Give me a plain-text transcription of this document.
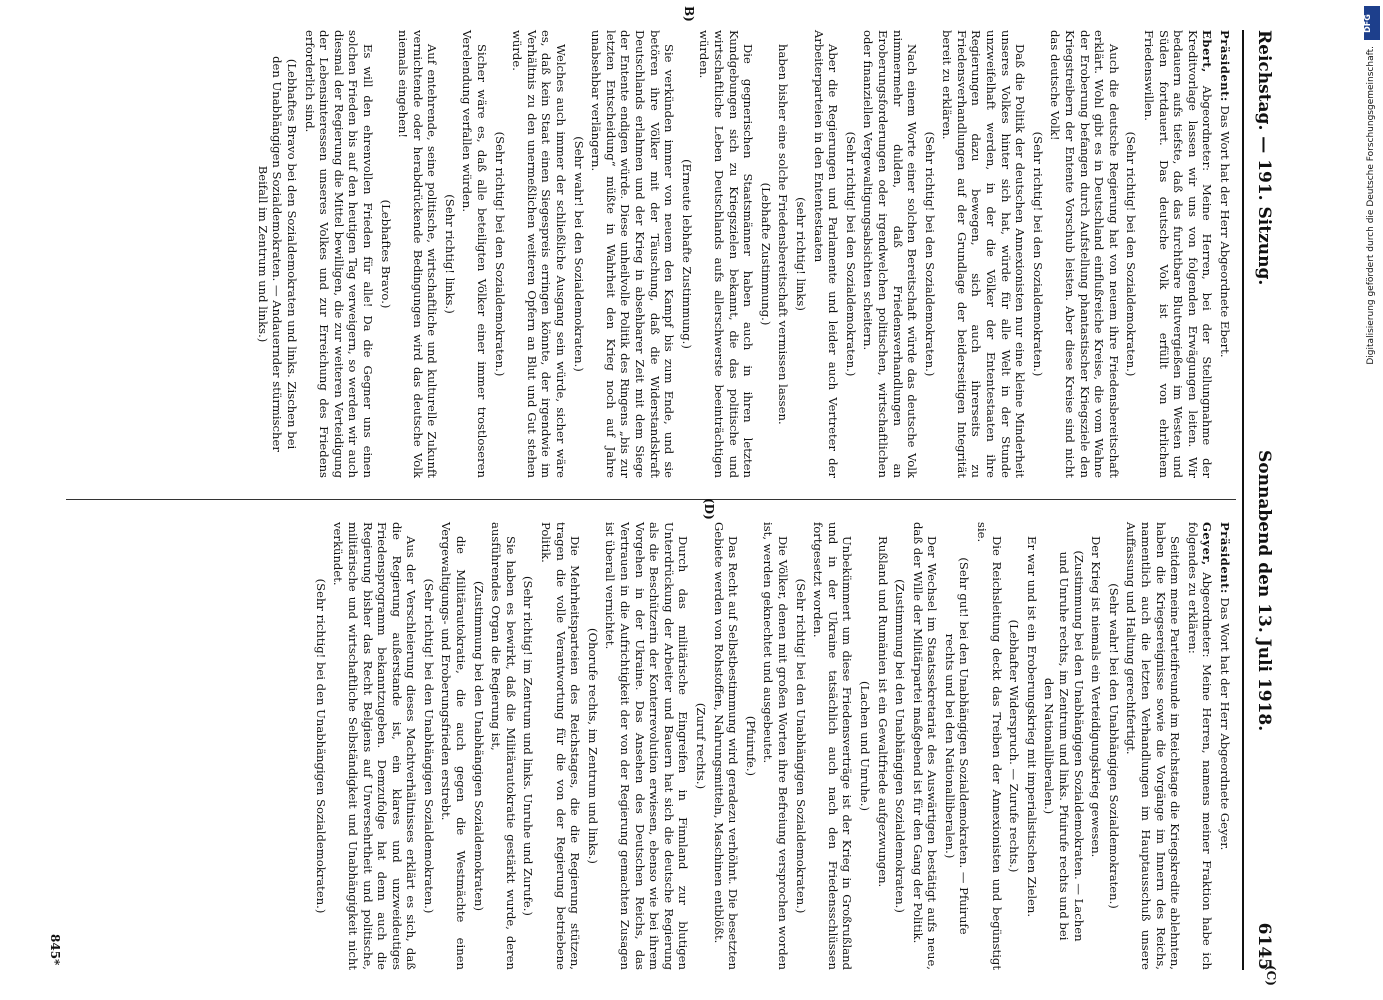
Reichstag. — 191. Sitzung.
Sonnabend den 13. Juli 1918.
6145

Präsident: Das Wort hat der Herr Abgeordnete Ebert.

Ebert, Abgeordneter: Meine Herren, bei der Stellungnahme der Kreditvorlage lassen wir uns von folgenden Erwägungen leiten. Wir bedauern aufs tiefste, daß das furchtbare Blutvergießen im Westen und Süden fortdauert. Das deutsche Volk ist erfüllt von ehrlichem Friedenswillen.

(Sehr richtig! bei den Sozialdemokraten.)

Auch die deutsche Regierung hat von neuem ihre Friedensbereitschaft erklärt. Wohl gibt es in Deutschland einflußreiche Kreise, die vom Wahne der Eroberung befangen durch Aufstellung phantastischer Kriegsziele den Kriegstreibern der Entente Vorschub leisten. Aber diese Kreise sind nicht das deutsche Volk!

(Sehr richtig! bei den Sozialdemokraten.)

Daß die Politik der deutschen Annexionisten nur eine kleine Minderheit unseres Volkes hinter sich hat, würde für alle Welt in der Stunde unzweifelhaft werden, in der die Völker der Ententestaaten ihre Regierungen dazu bewegen, sich auch ihrerseits zu Friedensverhandlungen auf der Grundlage der beiderseitigen Integrität bereit zu erklären.

(Sehr richtig! bei den Sozialdemokraten.)

Nach einem Worte einer solchen Bereitschaft würde das deutsche Volk nimmermehr dulden, daß Friedensverhandlungen an Eroberungsforderungen oder irgendwelchen politischen, wirtschaftlichen oder finanziellen Vergewaltigungsabsichten scheitern.

(Sehr richtig! bei den Sozialdemokraten.)

Aber die Regierungen und Parlamente und leider auch Vertreter der Arbeiterparteien in den Ententestaaten

(sehr richtig! links)

haben bisher eine solche Friedensbereitschaft vermissen lassen.

(Lebhafte Zustimmung.)

Die gegnerischen Staatsmänner haben auch in ihren letzten Kundgebungen sich zu Kriegszielen bekannt, die das politische und wirtschaftliche Leben Deutschlands aufs allerschwerste beeinträchtigen würden.

(Erneute lebhafte Zustimmung.)

Sie verkünden immer von neuem den Kampf bis zum Ende, und sie betören ihre Völker mit der Täuschung, daß die Widerstandskraft Deutschlands erlahmen und der Krieg in absehbarer Zeit mit dem Siege der Entente endigen würde. Diese unheilvolle Politik des Ringens „bis zur letzten Entscheidung“ müßte in Wahrheit den Krieg noch auf Jahre unabsehbar verlängern.

(Sehr wahr! bei den Sozialdemokraten.)

Welches auch immer der schließliche Ausgang sein würde, sicher wäre es, daß kein Staat einen Siegespreis erringen könnte, der irgendwie im Verhältnis zu den unermeßlichen weiteren Opfern an Blut und Gut stehen würde.

(Sehr richtig! bei den Sozialdemokraten.)

Sicher wäre es, daß alle beteiligten Völker einer immer trostloseren Verelendung verfallen würden.

(Sehr richtig! links.)

Auf entehrende, seine politische, wirtschaftliche und kulturelle Zukunft vernichtende oder herabdrückende Bedingungen wird das deutsche Volk niemals eingehen!

(Lebhaftes Bravo.)

Es will den ehrenvollen Frieden für alle! Da die Gegner uns einen solchen Frieden bis auf den heutigen Tag verweigern, so werden wir auch diesmal der Regierung die Mittel bewilligen, die zur weiteren Verteidigung der Lebensinteressen unseres Volkes und zur Erreichung des Friedens erforderlich sind.

(Lebhaftes Bravo bei den Sozialdemokraten und links. Zischen bei den Unabhängigen Sozialdemokraten. — Andauernder stürmischer Beifall im Zentrum und links.)

Präsident: Das Wort hat der Herr Abgeordnete Geyer.

Geyer, Abgeordneter: Meine Herren, namens meiner Fraktion habe ich folgendes zu erklären:

Seitdem meine Parteifreunde im Reichstage die Kriegskredite ablehnten, haben die Kriegsereignisse sowie die Vorgänge im Innern des Reichs, namentlich auch die letzten Verhandlungen im Hauptausschuß unsere Auffassung und Haltung gerechtfertigt.

(Sehr wahr! bei den Unabhängigen Sozialdemokraten.)

Der Krieg ist niemals ein Verteidigungskrieg gewesen.

(Zustimmung bei den Unabhängigen Sozialdemokraten. — Lachen und Unruhe rechts, im Zentrum und links. Pfuirufe rechts und bei den Nationalliberalen.)

Er war und ist ein Eroberungskrieg mit imperialistischen Zielen.

(Lebhafter Widerspruch. — Zurufe rechts.)

Die Reichsleitung deckt das Treiben der Annexionisten und begünstigt sie.

(Sehr gut! bei den Unabhängigen Sozialdemokraten. — Pfuirufe rechts und bei den Nationalliberalen.)

Der Wechsel im Staatssekretariat des Auswärtigen bestätigt aufs neue, daß der Wille der Militärpartei maßgebend ist für den Gang der Politik.

(Zustimmung bei den Unabhängigen Sozialdemokraten.)

Rußland und Rumänien ist ein Gewaltfriede aufgezwungen.

(Lachen und Unruhe.)

Unbekümmert um diese Friedensverträge ist der Krieg in Großrußland und in der Ukraine tatsächlich auch nach den Friedensschlüssen fortgesetzt worden.

(Sehr richtig! bei den Unabhängigen Sozialdemokraten.)

Die Völker, denen mit großen Worten ihre Befreiung versprochen worden ist, werden geknechtet und ausgebeutet.

(Pfuirufe.)

Das Recht auf Selbstbestimmung wird geradezu verhöhnt. Die besetzten Gebiete werden von Rohstoffen, Nahrungsmitteln, Maschinen entblößt.

(Zuruf rechts.)

Durch das militärische Eingreifen in Finnland zur blutigen Unterdrückung der Arbeiter und Bauern hat sich die deutsche Regierung als die Beschützerin der Konterrevolution erwiesen, ebenso wie bei ihrem Vorgehen in der Ukraine. Das Ansehen des Deutschen Reichs, das Vertrauen in die Aufrichtigkeit der von der Regierung gemachten Zusagen ist überall vernichtet.

(Ohorufe rechts, im Zentrum und links.)

Die Mehrheitsparteien des Reichstages, die die Regierung stützen, tragen die volle Verantwortung für die von der Regierung betriebene Politik.

(Sehr richtig! im Zentrum und links. Unruhe und Zurufe.)

Sie haben es bewirkt, daß die Militärautokratie gestärkt wurde, deren ausführendes Organ die Regierung ist,

(Zustimmung bei den Unabhängigen Sozialdemokraten)

die Militärautokratie, die auch gegen die Westmächte einen Vergewaltigungs- und Eroberungsfrieden erstrebt.

(Sehr richtig! bei den Unabhängigen Sozialdemokraten.)

Aus der Verschleierung dieses Machtverhältnisses erklärt es sich, daß die Regierung außerstande ist, ein klares und unzweideutiges Friedensprogramm bekanntzugeben. Demzufolge hat denn auch die Regierung bisher das Recht Belgiens auf Unversehrtheit und politische, militärische und wirtschaftliche Selbständigkeit und Unabhängigkeit nicht verkündet.

(Sehr richtig! bei den Unabhängigen Sozialdemokraten.)

B)
(D)
(C)
845*
DFG
Digitalisierung gefördert durch die Deutsche Forschungsgemeinschaft.
